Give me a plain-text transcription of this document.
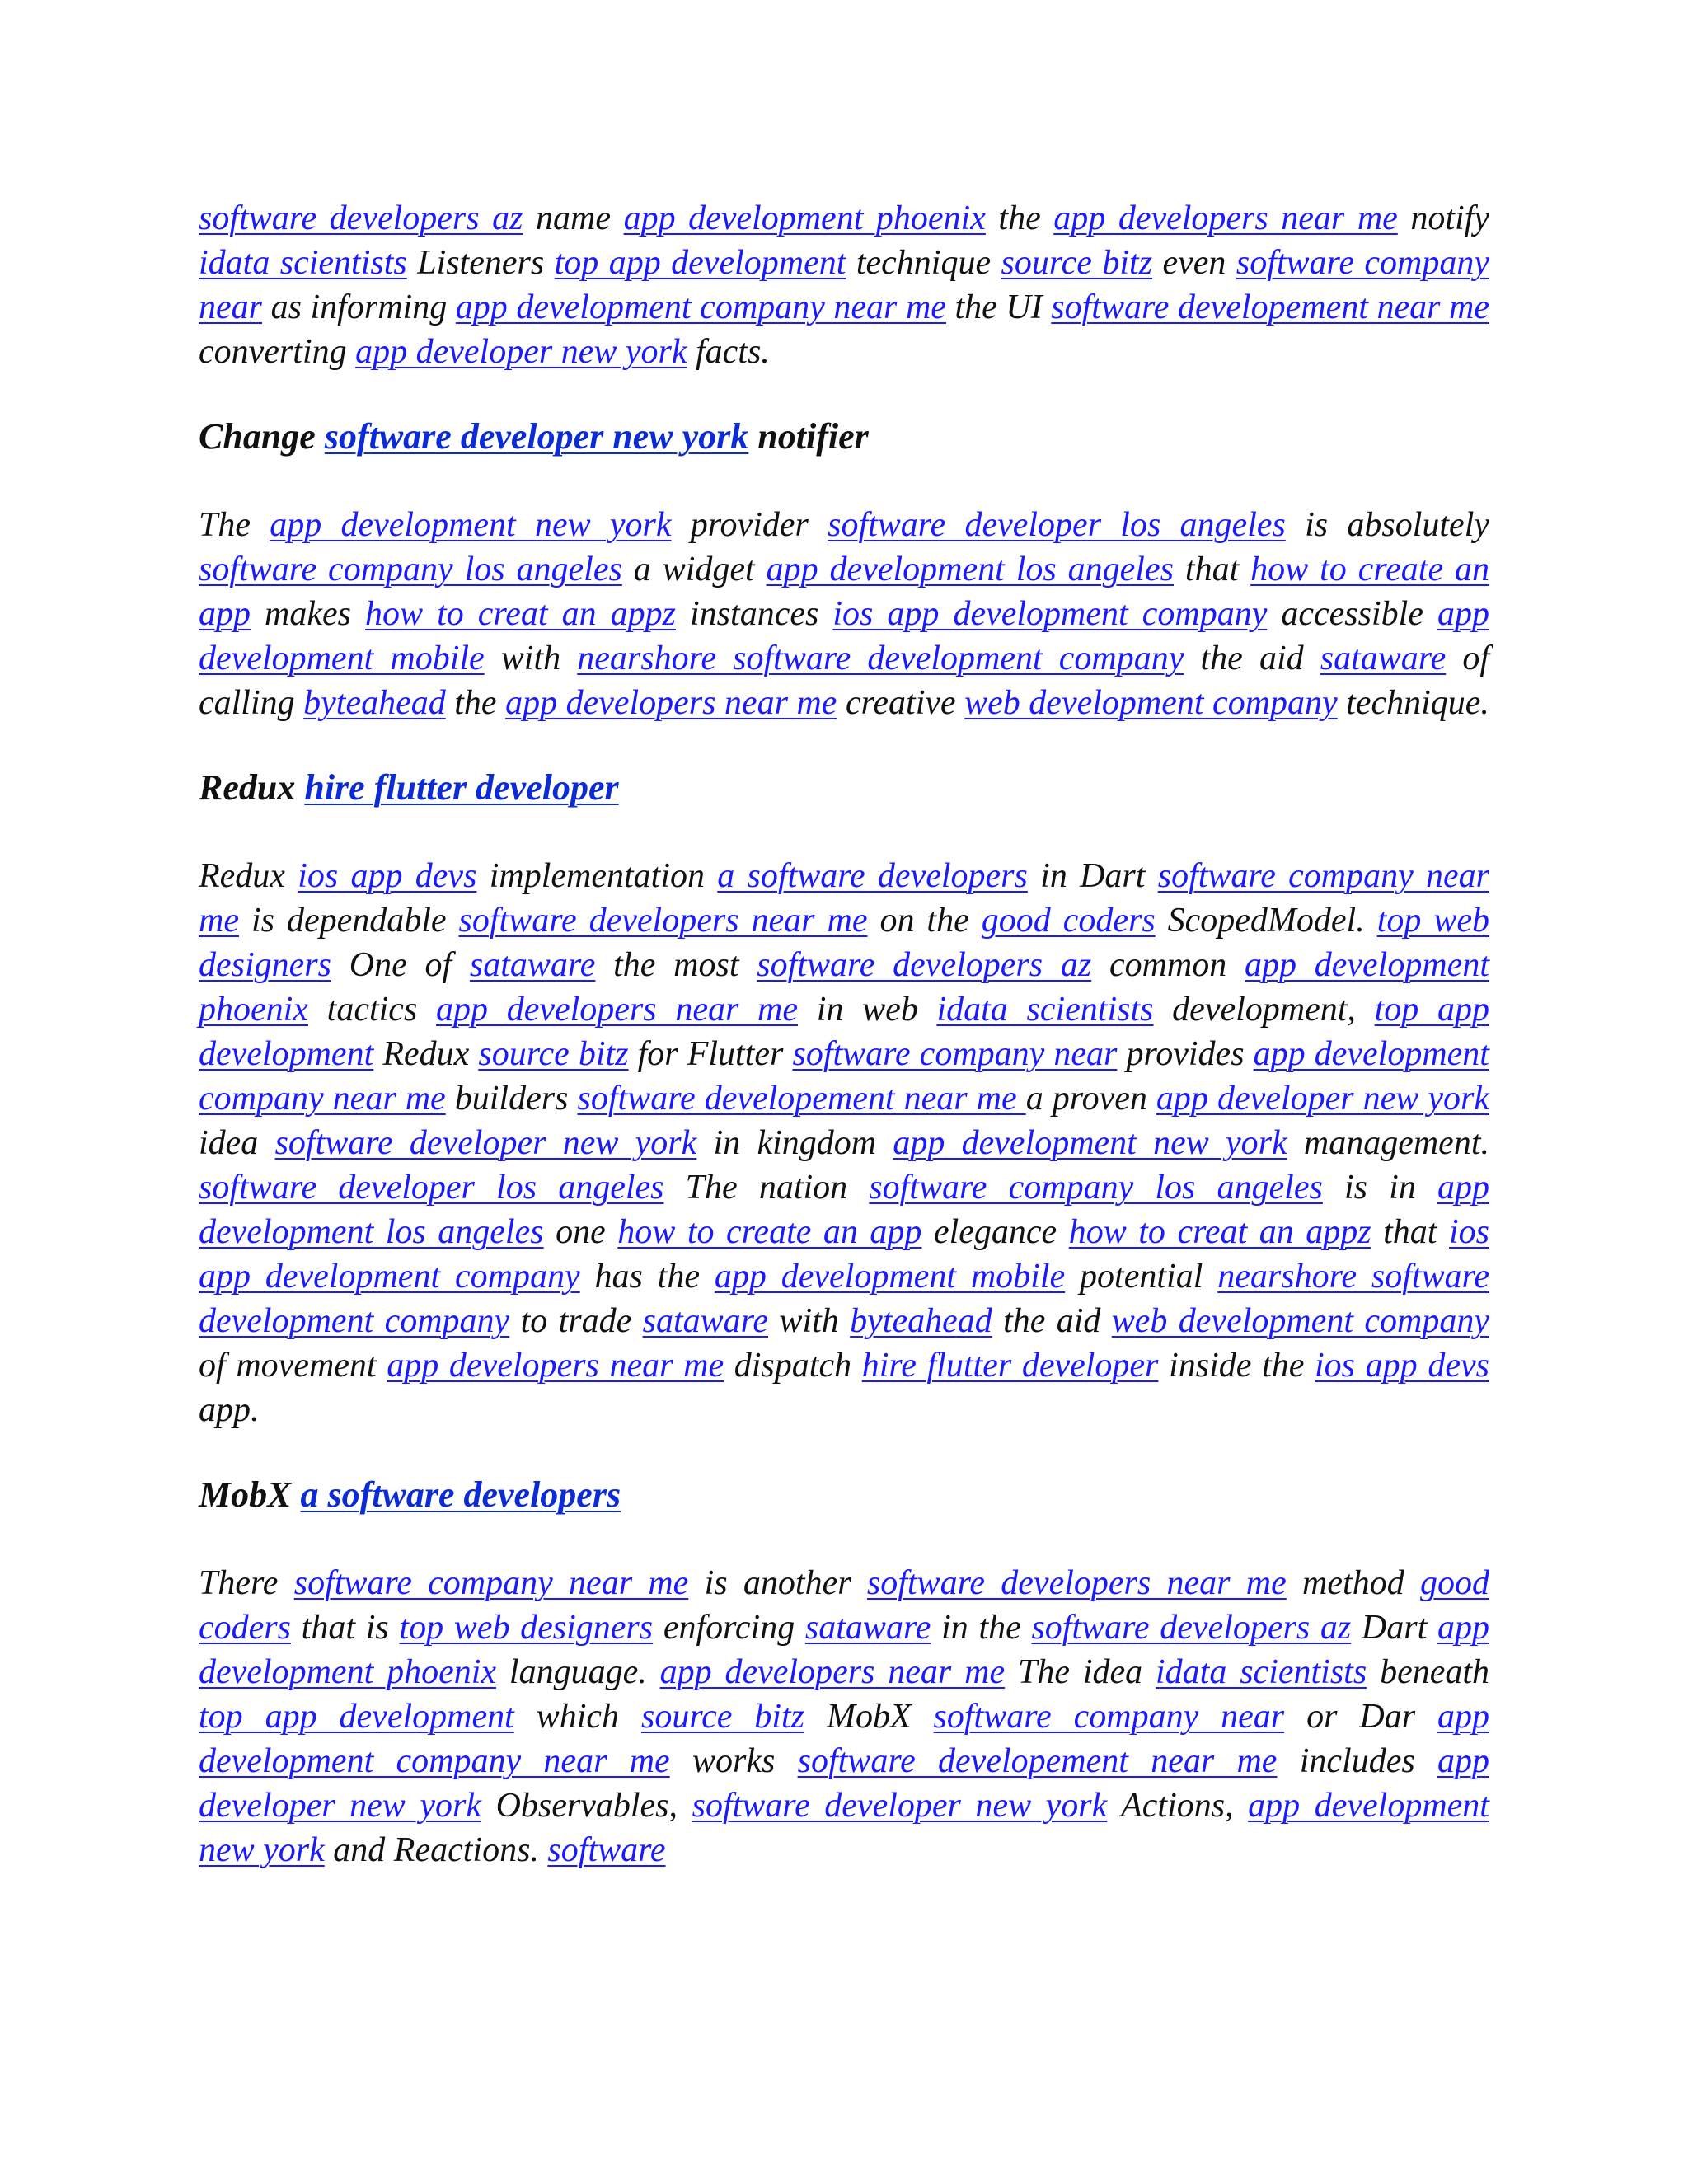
software developers az name app development phoenix the app developers near me notify idata scientists Listeners top app development technique source bitz even software company near as informing app development company near me the UI software developement near me converting app developer new york facts.

Change software developer new york notifier

The app development new york provider software developer los angeles is absolutely software company los angeles a widget app development los angeles that how to create an app makes how to creat an appz instances ios app development company accessible app development mobile with nearshore software development company the aid sataware of calling byteahead the app developers near me creative web development company technique.

Redux hire flutter developer

Redux ios app devs implementation a software developers in Dart software company near me is dependable software developers near me on the good coders ScopedModel. top web designers One of sataware the most software developers az common app development phoenix tactics app developers near me in web idata scientists development, top app development Redux source bitz for Flutter software company near provides app development company near me builders software developement near me a proven app developer new york idea software developer new york in kingdom app development new york management. software developer los angeles The nation software company los angeles is in app development los angeles one how to create an app elegance how to creat an appz that ios app development company has the app development mobile potential nearshore software development company to trade sataware with byteahead the aid web development company of movement app developers near me dispatch hire flutter developer inside the ios app devs app.

MobX a software developers

There software company near me is another software developers near me method good coders that is top web designers enforcing sataware in the software developers az Dart app development phoenix language. app developers near me The idea idata scientists beneath top app development which source bitz MobX software company near or Dar app development company near me works software developement near me includes app developer new york Observables, software developer new york Actions, app development new york and Reactions. software
